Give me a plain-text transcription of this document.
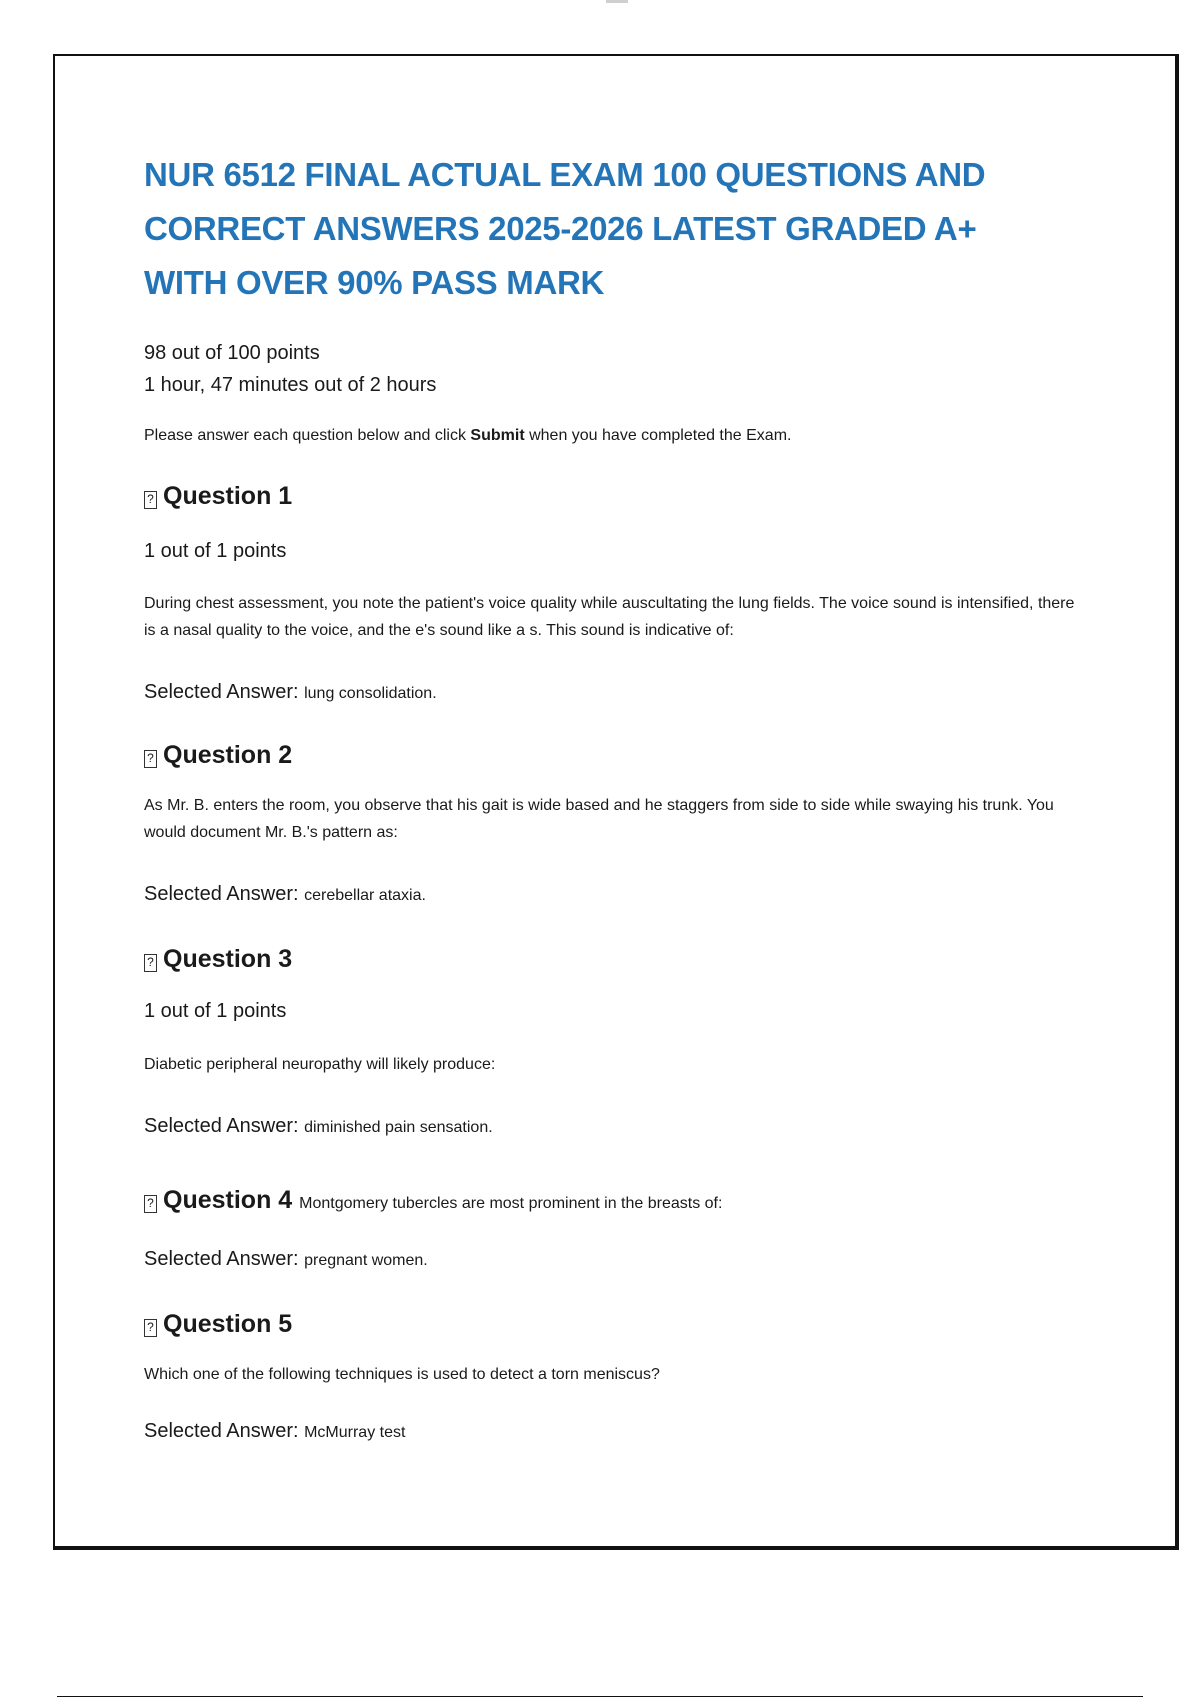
NUR 6512 FINAL ACTUAL EXAM 100 QUESTIONS AND
CORRECT ANSWERS 2025-2026 LATEST GRADED A+
WITH OVER 90% PASS MARK
98 out of 100 points
1 hour, 47 minutes out of 2 hours
Please answer each question below and click Submit when you have completed the Exam.
? Question 1
1 out of 1 points
During chest assessment, you note the patient's voice quality while auscultating the lung fields. The voice sound is intensified, there is a nasal quality to the voice, and the e's sound like a s. This sound is indicative of:
Selected Answer: lung consolidation.
? Question 2
As Mr. B. enters the room, you observe that his gait is wide based and he staggers from side to side while swaying his trunk. You would document Mr. B.'s pattern as:
Selected Answer: cerebellar ataxia.
? Question 3
1 out of 1 points
Diabetic peripheral neuropathy will likely produce:
Selected Answer: diminished pain sensation.
? Question 4 Montgomery tubercles are most prominent in the breasts of:
Selected Answer: pregnant women.
? Question 5
Which one of the following techniques is used to detect a torn meniscus?
Selected Answer: McMurray test
